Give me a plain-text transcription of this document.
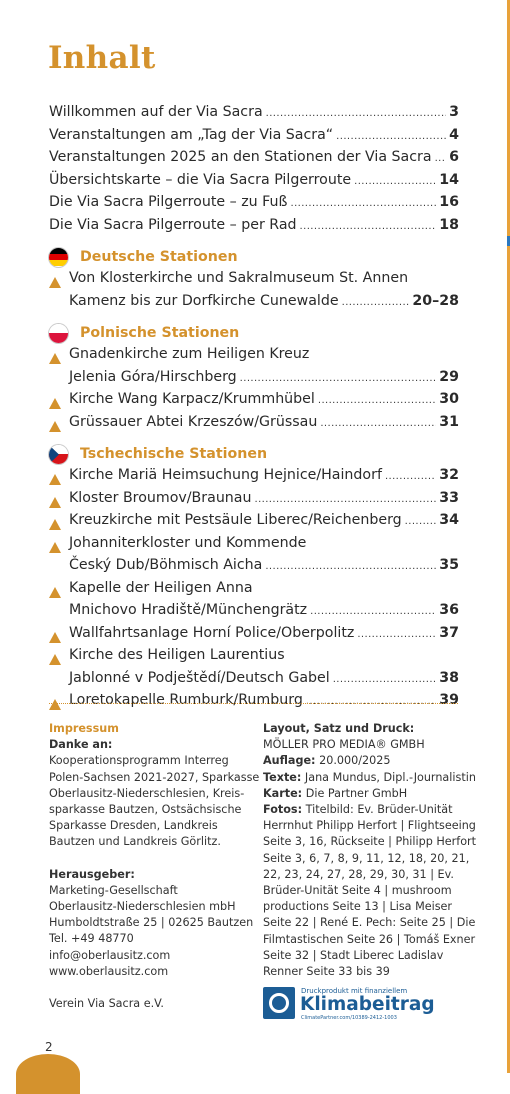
Inhalt
Willkommen auf der Via Sacra .....	3
Veranstaltungen am „Tag der Via Sacra“ .....	4
Veranstaltungen 2025 an den Stationen der Via Sacra ..... 6
Übersichtskarte – die Via Sacra Pilgerroute .....	14
Die Via Sacra Pilgerroute – zu Fuß .....	16
Die Via Sacra Pilgerroute – per Rad .....	18
Deutsche Stationen
Von Klosterkirche und Sakralmuseum St. Annen
Kamenz bis zur Dorfkirche Cunewalde .....	20–28
Polnische Stationen
Gnadenkirche zum Heiligen Kreuz
Jelenia Góra/Hirschberg .....	29
Kirche Wang Karpacz/Krummhübel .....	30
Grüssauer Abtei Krzeszów/Grüssau .....	31
Tschechische Stationen
Kirche Mariä Heimsuchung Hejnice/Haindorf .....	32
Kloster Broumov/Braunau .....	33
Kreuzkirche mit Pestsäule Liberec/Reichenberg .....	34
Johanniterkloster und Kommende
Český Dub/Böhmisch Aicha .....	35
Kapelle der Heiligen Anna
Mnichovo Hradiště/Münchengrätz .....	36
Wallfahrtsanlage Horní Police/Oberpolitz .....	37
Kirche des Heiligen Laurentius
Jablonné v Podještědí/Deutsch Gabel .....	38
Loretokapelle Rumburk/Rumburg .....	39
Impressum
Danke an:
Kooperationsprogramm Interreg
Polen-Sachsen 2021-2027, Sparkasse
Oberlausitz-Niederschlesien, Kreis-
sparkasse Bautzen, Ostsächsische
Sparkasse Dresden, Landkreis
Bautzen und Landkreis Görlitz.
Herausgeber:
Marketing-Gesellschaft
Oberlausitz-Niederschlesien mbH
Humboldtstraße 25 | 02625 Bautzen
Tel. +49 48770
info@oberlausitz.com
www.oberlausitz.com
Verein Via Sacra e.V.
Layout, Satz und Druck:
MÖLLER PRO MEDIA® GMBH
Auflage: 20.000/2025
Texte: Jana Mundus, Dipl.-Journalistin
Karte: Die Partner GmbH
Fotos: Titelbild: Ev. Brüder-Unität
Herrnhut Philipp Herfort | Flightseeing
Seite 3, 16, Rückseite | Philipp Herfort
Seite 3, 6, 7, 8, 9, 11, 12, 18, 20, 21,
22, 23, 24, 27, 28, 29, 30, 31 | Ev.
Brüder-Unität Seite 4 | mushroom
productions Seite 13 | Lisa Meiser
Seite 22 | René E. Pech: Seite 25 | Die
Filmtastischen Seite 26 | Tomáš Exner
Seite 32 | Stadt Liberec Ladislav
Renner Seite 33 bis 39
Druckprodukt mit finanziellem
Klimabeitrag
ClimatePartner.com/10389-2412-1003
2
